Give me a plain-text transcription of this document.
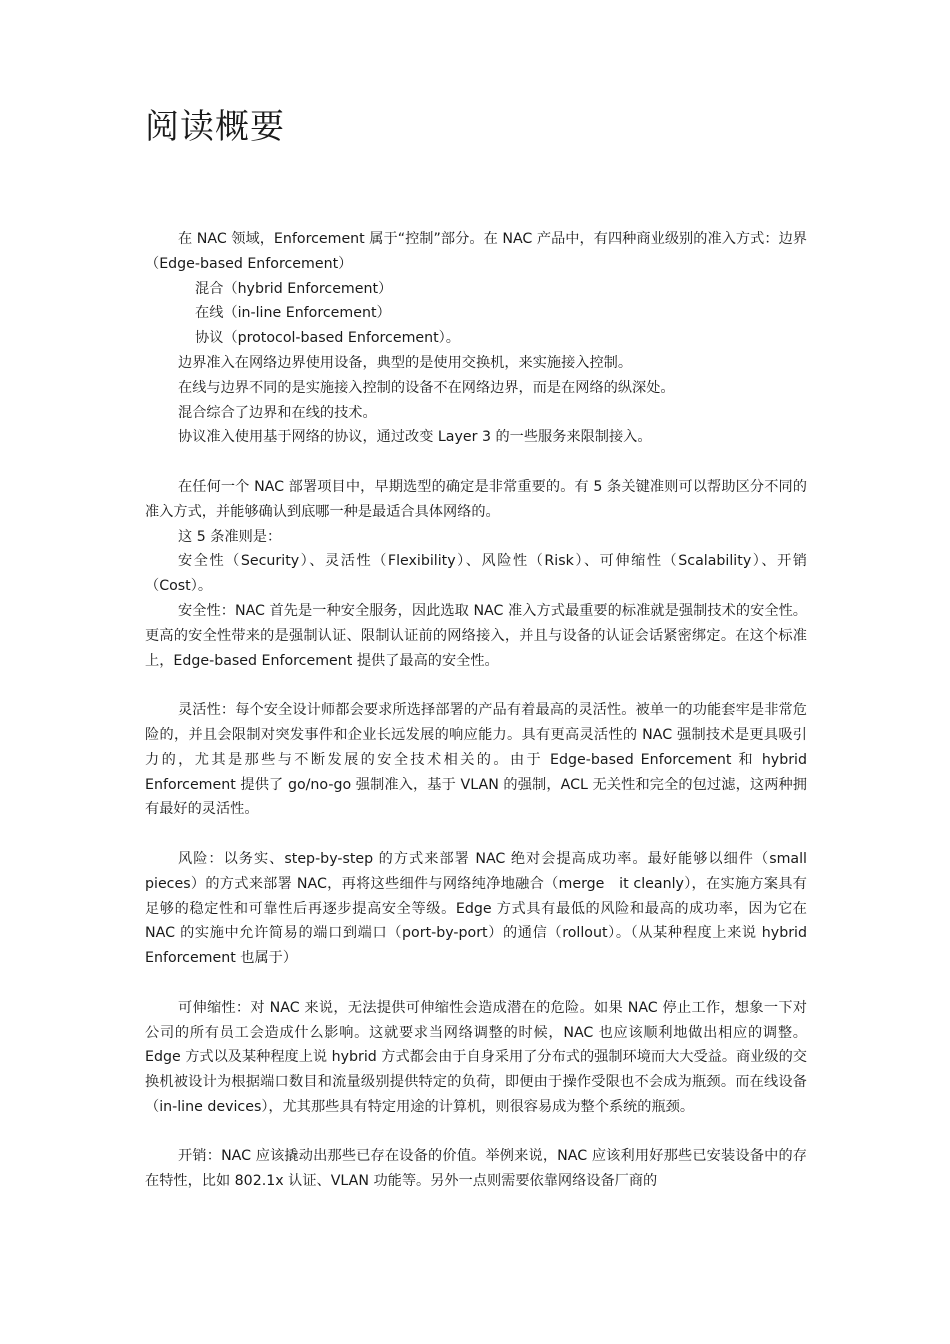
阅读概要

在 NAC 领域，Enforcement 属于“控制”部分。在 NAC 产品中，有四种商业级别的准入方式：边界（Edge-based Enforcement）

混合（hybrid Enforcement）

在线（in-line Enforcement）

协议（protocol-based Enforcement）。

边界准入在网络边界使用设备，典型的是使用交换机，来实施接入控制。

在线与边界不同的是实施接入控制的设备不在网络边界，而是在网络的纵深处。

混合综合了边界和在线的技术。

协议准入使用基于网络的协议，通过改变 Layer 3 的一些服务来限制接入。

在任何一个 NAC 部署项目中，早期选型的确定是非常重要的。有 5 条关键准则可以帮助区分不同的准入方式，并能够确认到底哪一种是最适合具体网络的。

这 5 条准则是：

安全性（Security）、灵活性（Flexibility）、风险性（Risk）、可伸缩性（Scalability）、开销（Cost）。

安全性：NAC 首先是一种安全服务，因此选取 NAC 准入方式最重要的标准就是强制技术的安全性。更高的安全性带来的是强制认证、限制认证前的网络接入，并且与设备的认证会话紧密绑定。在这个标准上，Edge-based Enforcement 提供了最高的安全性。

灵活性：每个安全设计师都会要求所选择部署的产品有着最高的灵活性。被单一的功能套牢是非常危险的，并且会限制对突发事件和企业长远发展的响应能力。具有更高灵活性的 NAC 强制技术是更具吸引力的，尤其是那些与不断发展的安全技术相关的。由于 Edge-based Enforcement 和 hybrid Enforcement 提供了 go/no-go 强制准入，基于 VLAN 的强制，ACL 无关性和完全的包过滤，这两种拥有最好的灵活性。

风险：以务实、step-by-step 的方式来部署 NAC 绝对会提高成功率。最好能够以细件（small pieces）的方式来部署 NAC，再将这些细件与网络纯净地融合（merge　it cleanly），在实施方案具有足够的稳定性和可靠性后再逐步提高安全等级。Edge 方式具有最低的风险和最高的成功率，因为它在 NAC 的实施中允许简易的端口到端口（port-by-port）的通信（rollout）。（从某种程度上来说 hybrid Enforcement 也属于）

可伸缩性：对 NAC 来说，无法提供可伸缩性会造成潜在的危险。如果 NAC 停止工作，想象一下对公司的所有员工会造成什么影响。这就要求当网络调整的时候，NAC 也应该顺利地做出相应的调整。Edge 方式以及某种程度上说 hybrid 方式都会由于自身采用了分布式的强制环境而大大受益。商业级的交换机被设计为根据端口数目和流量级别提供特定的负荷，即便由于操作受限也不会成为瓶颈。而在线设备（in-line devices），尤其那些具有特定用途的计算机，则很容易成为整个系统的瓶颈。

开销：NAC 应该撬动出那些已存在设备的价值。举例来说，NAC 应该利用好那些已安装设备中的存在特性，比如 802.1x 认证、VLAN 功能等。另外一点则需要依靠网络设备厂商的
